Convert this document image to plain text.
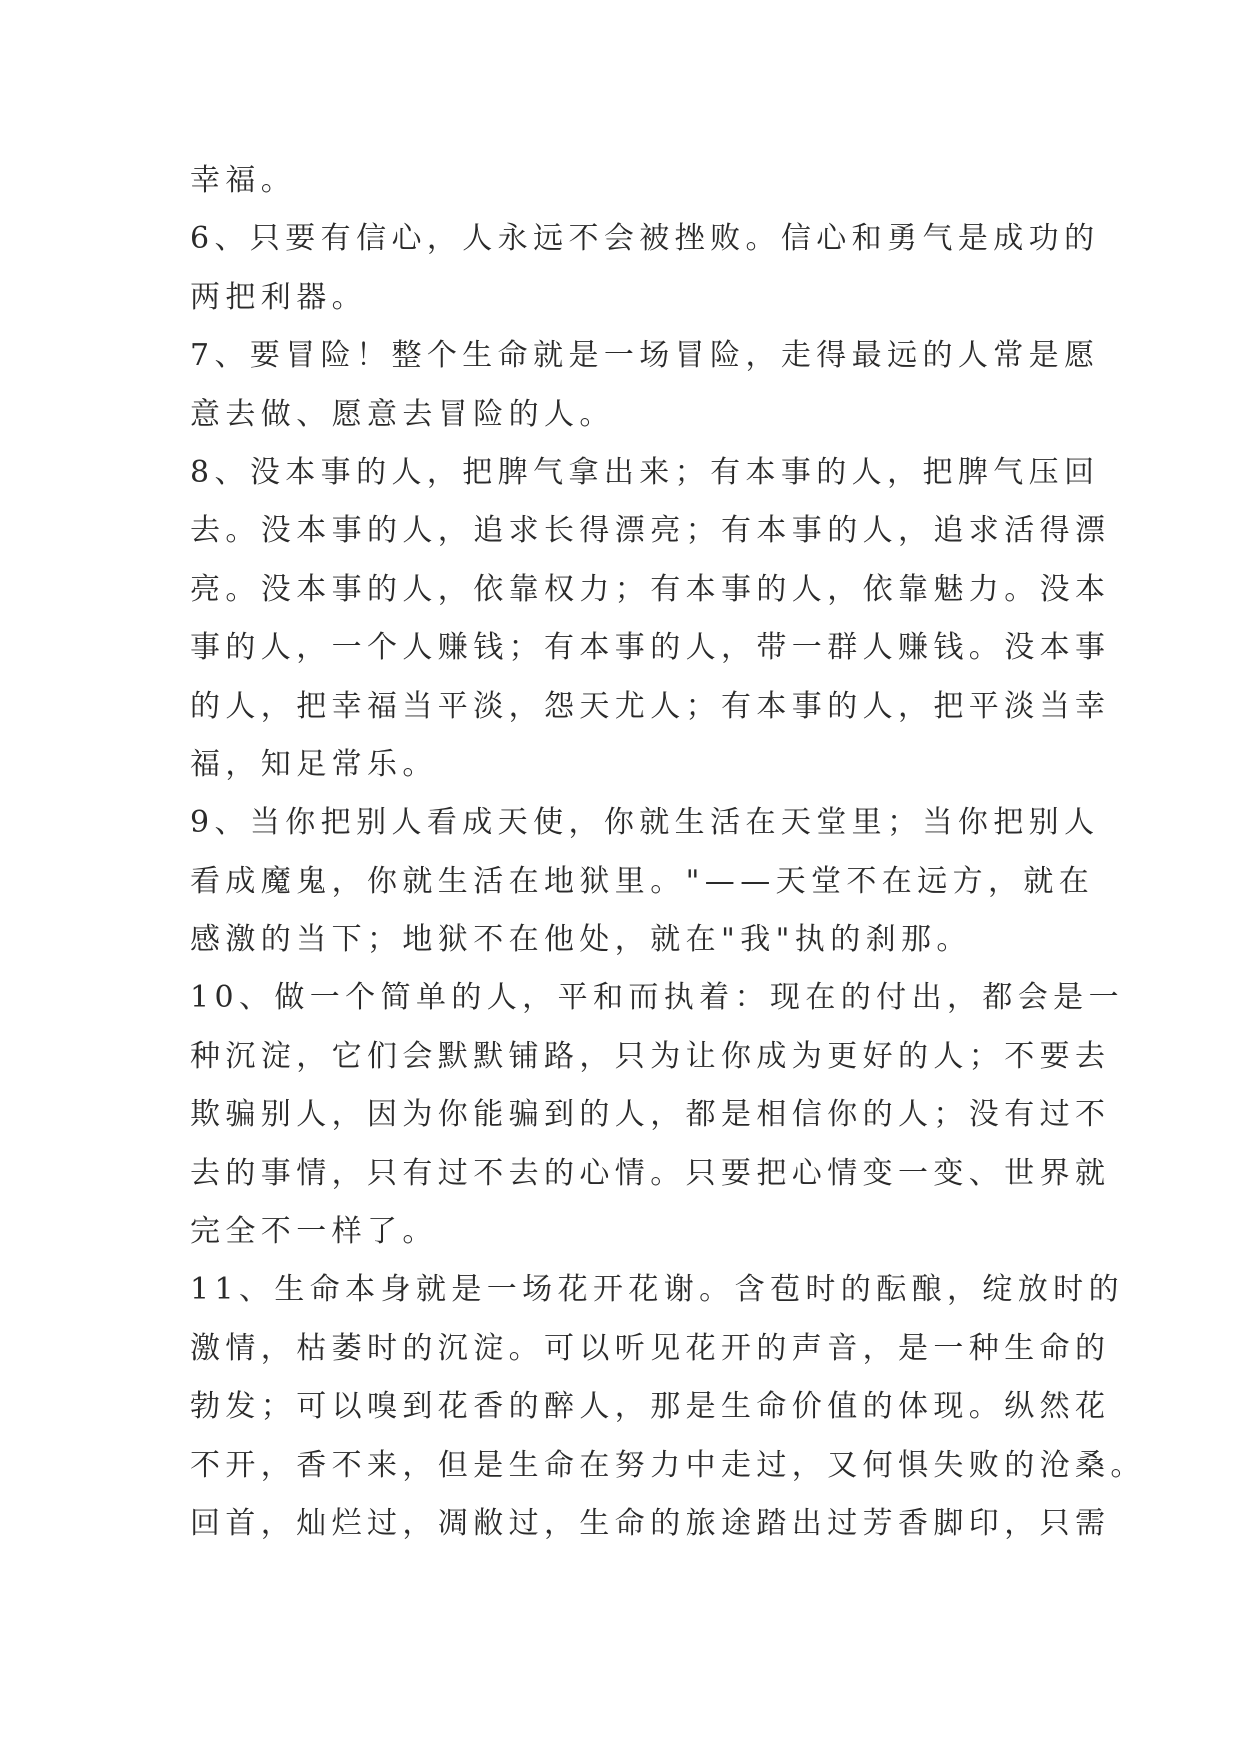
幸福。
6、只要有信心，人永远不会被挫败。信心和勇气是成功的
两把利器。
7、要冒险！整个生命就是一场冒险，走得最远的人常是愿
意去做、愿意去冒险的人。
8、没本事的人，把脾气拿出来；有本事的人，把脾气压回
去。没本事的人，追求长得漂亮；有本事的人，追求活得漂
亮。没本事的人，依靠权力；有本事的人，依靠魅力。没本
事的人，一个人赚钱；有本事的人，带一群人赚钱。没本事
的人，把幸福当平淡，怨天尤人；有本事的人，把平淡当幸
福，知足常乐。
9、当你把别人看成天使，你就生活在天堂里；当你把别人
看成魔鬼，你就生活在地狱里。"——天堂不在远方，就在
感激的当下；地狱不在他处，就在"我"执的刹那。
10、做一个简单的人，平和而执着：现在的付出，都会是一
种沉淀，它们会默默铺路，只为让你成为更好的人；不要去
欺骗别人，因为你能骗到的人，都是相信你的人；没有过不
去的事情，只有过不去的心情。只要把心情变一变、世界就
完全不一样了。
11、生命本身就是一场花开花谢。含苞时的酝酿，绽放时的
激情，枯萎时的沉淀。可以听见花开的声音，是一种生命的
勃发；可以嗅到花香的醉人，那是生命价值的体现。纵然花
不开，香不来，但是生命在努力中走过，又何惧失败的沧桑。
回首，灿烂过，凋敝过，生命的旅途踏出过芳香脚印，只需
